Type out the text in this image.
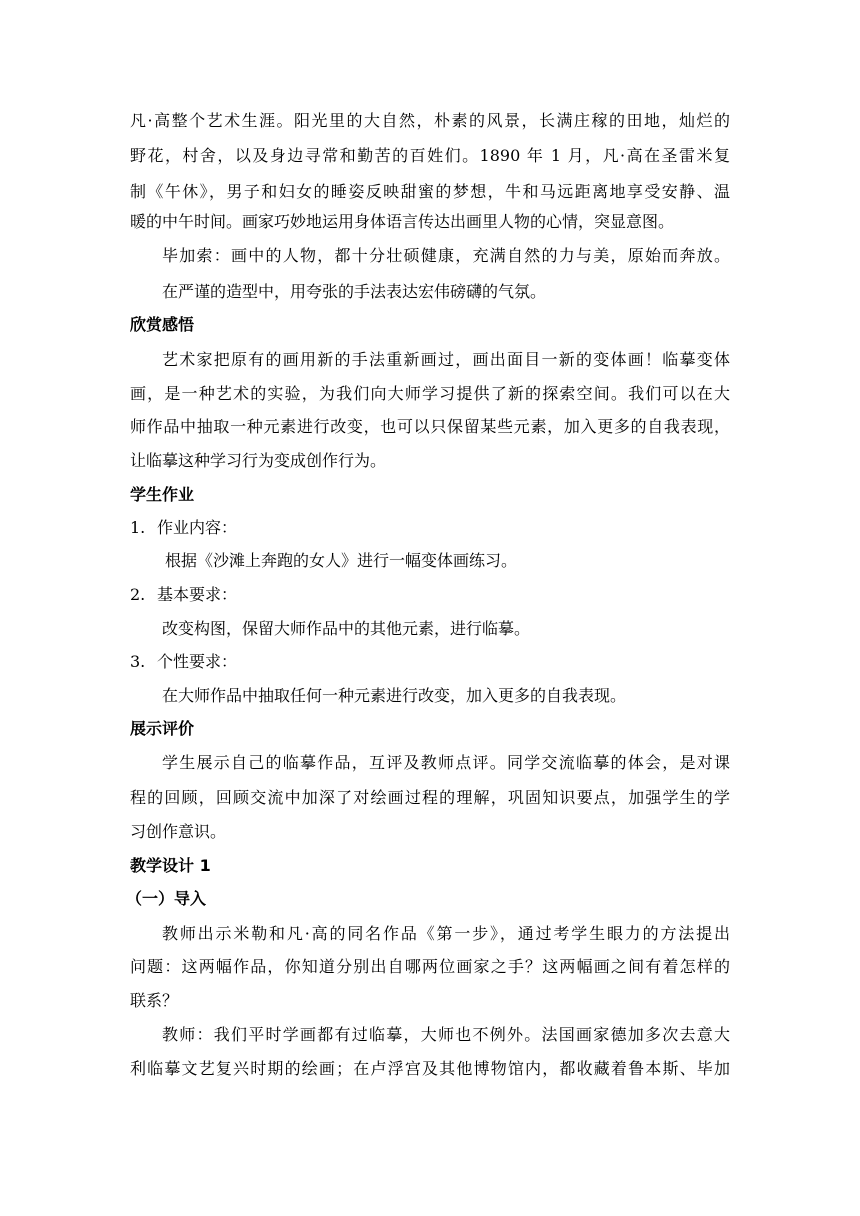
凡·高整个艺术生涯。阳光里的大自然，朴素的风景，长满庄稼的田地，灿烂的
野花，村舍，以及身边寻常和勤苦的百姓们。1890 年 1 月，凡·高在圣雷米复
制《午休》，男子和妇女的睡姿反映甜蜜的梦想，牛和马远距离地享受安静、温
暖的中午时间。画家巧妙地运用身体语言传达出画里人物的心情，突显意图。
毕加索：画中的人物，都十分壮硕健康，充满自然的力与美，原始而奔放。
在严谨的造型中，用夸张的手法表达宏伟磅礴的气氛。
欣赏感悟
艺术家把原有的画用新的手法重新画过，画出面目一新的变体画！临摹变体
画，是一种艺术的实验，为我们向大师学习提供了新的探索空间。我们可以在大
师作品中抽取一种元素进行改变，也可以只保留某些元素，加入更多的自我表现，
让临摹这种学习行为变成创作行为。
学生作业
1. 作业内容：
根据《沙滩上奔跑的女人》进行一幅变体画练习。
2. 基本要求：
改变构图，保留大师作品中的其他元素，进行临摹。
3. 个性要求：
在大师作品中抽取任何一种元素进行改变，加入更多的自我表现。
展示评价
学生展示自己的临摹作品，互评及教师点评。同学交流临摹的体会，是对课
程的回顾，回顾交流中加深了对绘画过程的理解，巩固知识要点，加强学生的学
习创作意识。
教学设计 1
（一）导入
教师出示米勒和凡·高的同名作品《第一步》，通过考学生眼力的方法提出
问题：这两幅作品，你知道分别出自哪两位画家之手？这两幅画之间有着怎样的
联系？
教师：我们平时学画都有过临摹，大师也不例外。法国画家德加多次去意大
利临摹文艺复兴时期的绘画；在卢浮宫及其他博物馆内，都收藏着鲁本斯、毕加
